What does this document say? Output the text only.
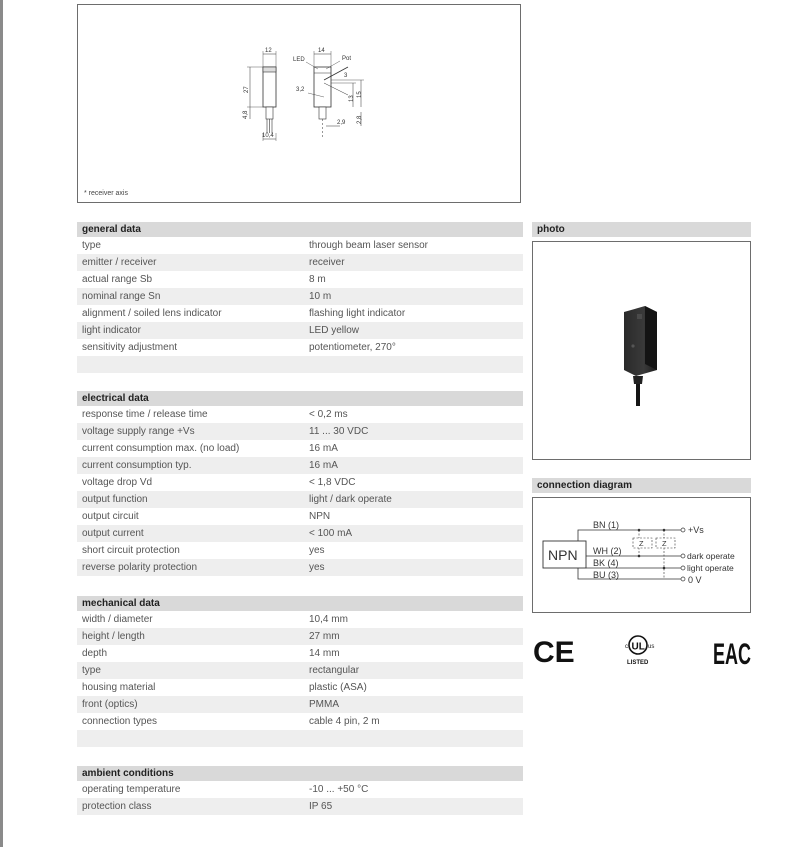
12
27
4,8
10,4
14
LED	Pot
3
3,2
13
15
2,8
2,9
* receiver axis
general data
type	through beam laser sensor
emitter / receiver	receiver
actual range Sb	8 m
nominal range Sn	10 m
alignment / soiled lens indicator	flashing light indicator
light indicator	LED yellow
sensitivity adjustment	potentiometer, 270°
electrical data
response time / release time	< 0,2 ms
voltage supply range +Vs	11 ... 30 VDC
current consumption max. (no load)	16 mA
current consumption typ.	16 mA
voltage drop Vd	< 1,8 VDC
output function	light / dark operate
output circuit	NPN
output current	< 100 mA
short circuit protection	yes
reverse polarity protection	yes
mechanical data
width / diameter	10,4 mm
height / length	27 mm
depth	14 mm
type	rectangular
housing material	plastic (ASA)
front (optics)	PMMA
connection types	cable 4 pin, 2 m
ambient conditions
operating temperature	-10 ... +50 °C
protection class	IP 65
photo
connection diagram
NPN
BN (1)	+Vs
WH (2)	dark operate
BK (4)	light operate
BU (3)	0 V
Z Z
CE	UL
c	us
LISTED EAC
